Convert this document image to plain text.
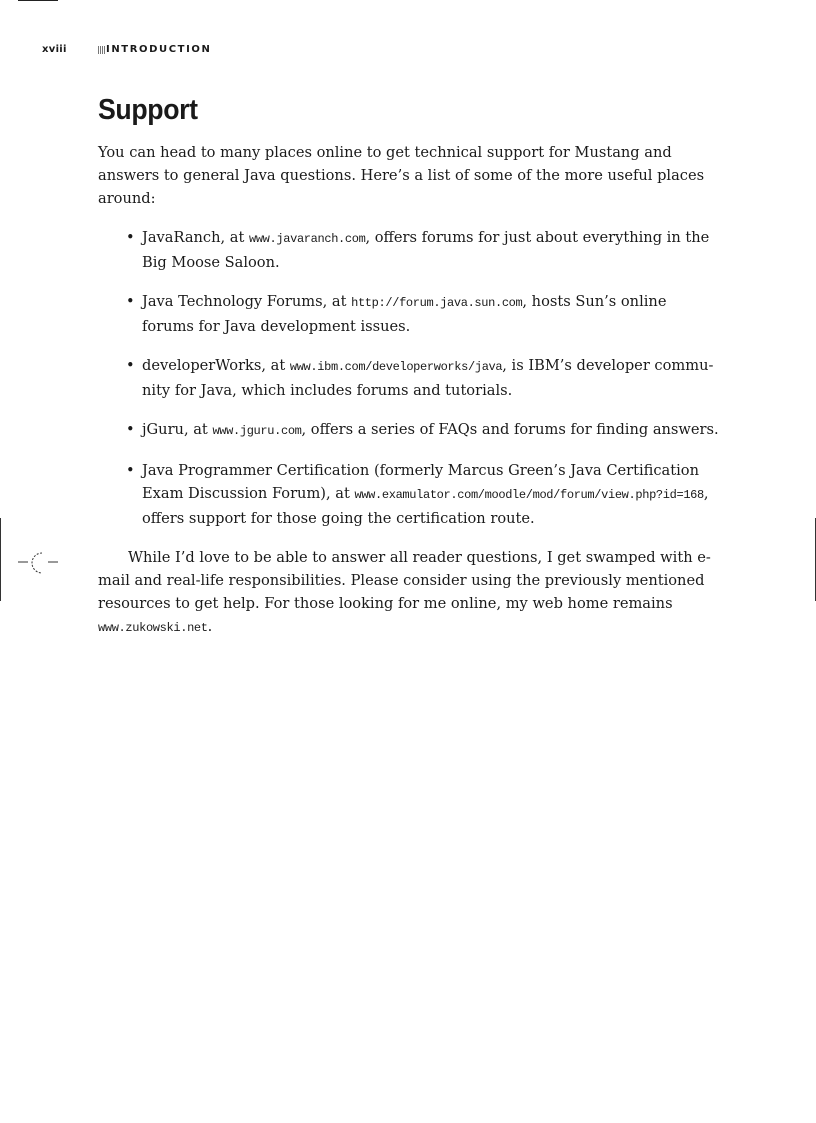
xviii	INTRODUCTION
Support

You can head to many places online to get technical support for Mustang and answers to general Java questions. Here’s a list of some of the more useful places around:

• JavaRanch, at www.javaranch.com, offers forums for just about everything in the Big Moose Saloon.
• Java Technology Forums, at http://forum.java.sun.com, hosts Sun’s online forums for Java development issues.
• developerWorks, at www.ibm.com/developerworks/java, is IBM’s developer commu-nity for Java, which includes forums and tutorials.
• jGuru, at www.jguru.com, offers a series of FAQs and forums for finding answers.
• Java Programmer Certification (formerly Marcus Green’s Java Certification Exam Discussion Forum), at www.examulator.com/moodle/mod/forum/view.php?id=168, offers support for those going the certification route.

While I’d love to be able to answer all reader questions, I get swamped with e-mail and real-life responsibilities. Please consider using the previously mentioned resources to get help. For those looking for me online, my web home remains www.zukowski.net.
